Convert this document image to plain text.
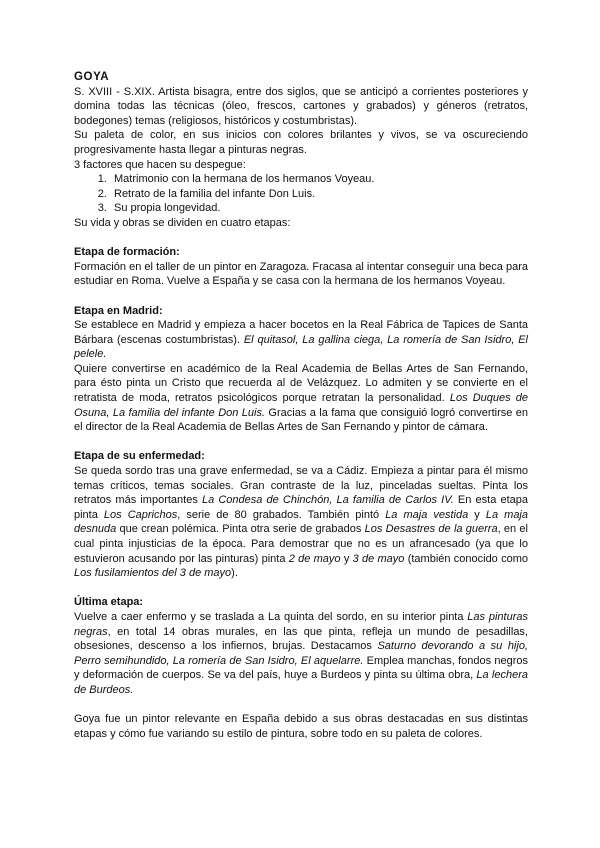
GOYA

S. XVIII - S.XIX. Artista bisagra, entre dos siglos, que se anticipó a corrientes posteriores y domina todas las técnicas (óleo, frescos, cartones y grabados) y géneros (retratos, bodegones) temas (religiosos, históricos y costumbristas).

Su paleta de color, en sus inicios con colores brilantes y vivos, se va oscureciendo progresivamente hasta llegar a pinturas negras.

3 factores que hacen su despegue:

1. Matrimonio con la hermana de los hermanos Voyeau.
2. Retrato de la familia del infante Don Luis.
3. Su propia longevidad.

Su vida y obras se dividen en cuatro etapas:

Etapa de formación:

Formación en el taller de un pintor en Zaragoza. Fracasa al intentar conseguir una beca para estudiar en Roma. Vuelve a España y se casa con la hermana de los hermanos Voyeau.

Etapa en Madrid:

Se establece en Madrid y empieza a hacer bocetos en la Real Fábrica de Tapices de Santa Bárbara (escenas costumbristas). El quitasol, La gallina ciega, La romería de San Isidro, El pelele.

Quiere convertirse en académico de la Real Academia de Bellas Artes de San Fernando, para ésto pinta un Cristo que recuerda al de Velázquez. Lo admiten y se convierte en el retratista de moda, retratos psicológicos porque retratan la personalidad. Los Duques de Osuna, La familia del infante Don Luis. Gracias a la fama que consiguió logró convertirse en el director de la Real Academia de Bellas Artes de San Fernando y pintor de cámara.

Etapa de su enfermedad:

Se queda sordo tras una grave enfermedad, se va a Cádiz. Empieza a pintar para él mismo temas críticos, temas sociales. Gran contraste de la luz, pinceladas sueltas. Pinta los retratos más importantes La Condesa de Chinchón, La familia de Carlos IV. En esta etapa pinta Los Caprichos, serie de 80 grabados. También pintó La maja vestida y La maja desnuda que crean polémica. Pinta otra serie de grabados Los Desastres de la guerra, en el cual pinta injusticias de la época. Para demostrar que no es un afrancesado (ya que lo estuvieron acusando por las pinturas) pinta 2 de mayo y 3 de mayo (también conocido como Los fusilamientos del 3 de mayo).

Última etapa:

Vuelve a caer enfermo y se traslada a La quinta del sordo, en su interior pinta Las pinturas negras, en total 14 obras murales, en las que pinta, refleja un mundo de pesadillas, obsesiones, descenso a los infiernos, brujas. Destacamos Saturno devorando a su hijo, Perro semihundido, La romería de San Isidro, El aquelarre. Emplea manchas, fondos negros y deformación de cuerpos. Se va del país, huye a Burdeos y pinta su última obra, La lechera de Burdeos.

Goya fue un pintor relevante en España debido a sus obras destacadas en sus distintas etapas y cómo fue variando su estilo de pintura, sobre todo en su paleta de colores.
